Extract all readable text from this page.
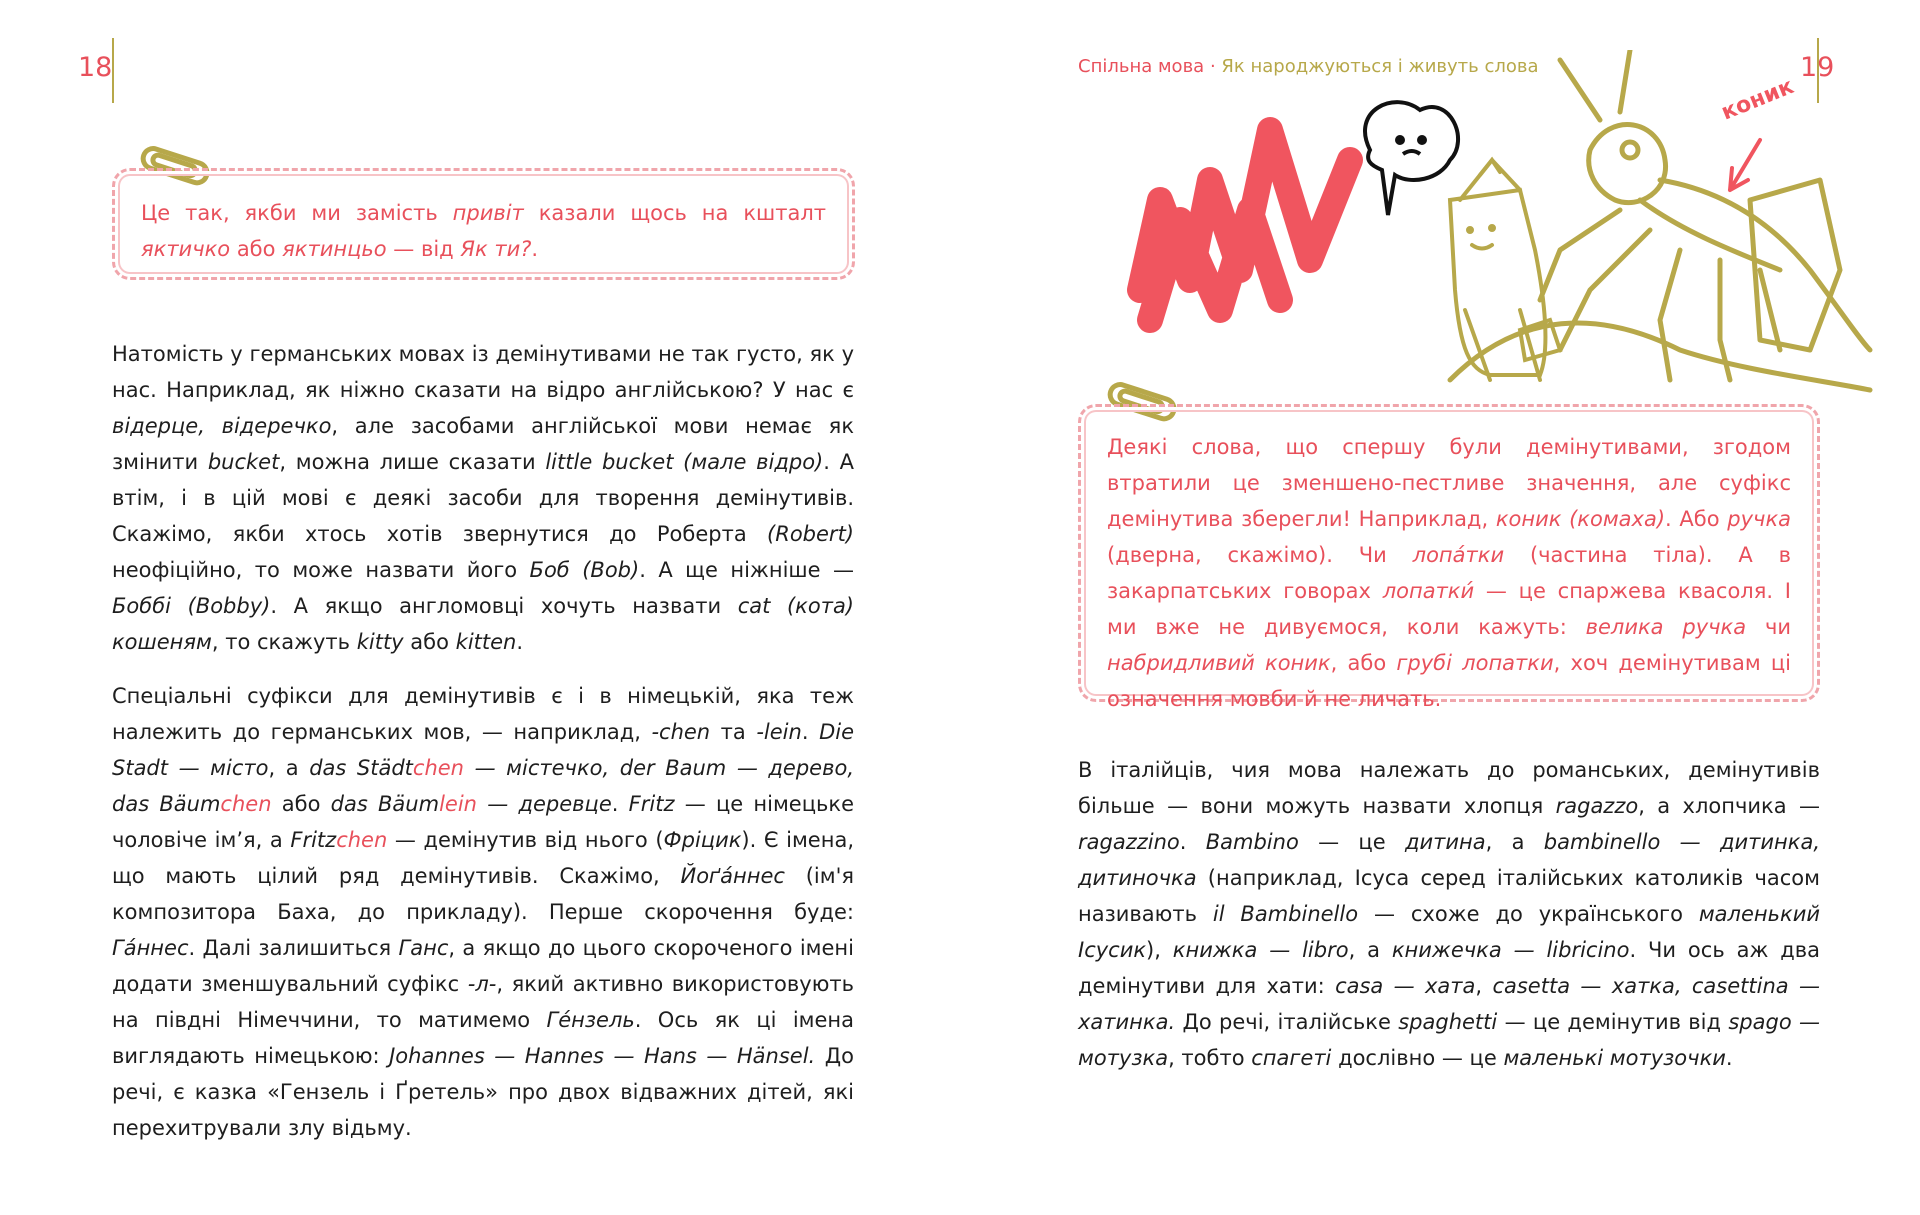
18	Спільна мова · Як народжуються і живуть слова	19

Це так, якби ми замість привіт казали щось на кшталт яктичко або яктинцьо — від Як ти?.

Натомість у германських мовах із демінутивами не так густо, як у нас. Наприклад, як ніжно сказати на відро англійською? У нас є відерце, відеречко, але засобами англійської мови немає як змінити bucket, можна лише сказати little bucket (мале відро). А втім, і в цій мові є деякі засоби для творення демінутивів. Скажімо, якби хтось хотів звернутися до Роберта (Robert) неофіційно, то може назвати його Боб (Bob). А ще ніжніше — Боббі (Bobby). А якщо англомовці хочуть назвати cat (кота) кошеням, то скажуть kitty або kitten.

Спеціальні суфікси для демінутивів є і в німецькій, яка теж належить до германських мов, — наприклад, -chen та -lein. Die Stadt — місто, a das Städtchen — містечко, der Baum — дерево, das Bäumchen або das Bäumlein — деревце. Fritz — це німецьке чоловіче ім’я, а Fritzchen — демінутив від нього (Фріцик). Є імена, що мають цілий ряд демінутивів. Скажімо, Йоґа́ннес (ім'я композитора Баха, до прикладу). Перше скорочення буде: Га́ннес. Далі залишиться Ганс, а якщо до цього скороченого імені додати зменшувальний суфікс -л-, який активно використовують на півдні Німеччини, то матимемо Ге́нзель. Ось як ці імена виглядають німецькою: Johannes — Hannes — Hans — Hänsel. До речі, є казка «Гензель і Ґретель» про двох відважних дітей, які перехитрували злу відьму.

коник

Деякі слова, що спершу були демінутивами, згодом втратили це зменшено-пестливе значення, але суфікс демінутива зберегли! Наприклад, коник (комаха). Або ручка (дверна, скажімо). Чи лопа́тки (частина тіла). А в закарпатських говорах лопатки́ — це спаржева квасоля. І ми вже не дивуємося, коли кажуть: велика ручка чи набридливий коник, або грубі лопатки, хоч демінутивам ці означення мовби й не личать.

В італійців, чия мова належать до романських, демінутивів більше — вони можуть назвати хлопця ragazzo, а хлопчика — ragazzino. Bambino — це дитина, а bambinello — дитинка, дитиночка (наприклад, Ісуса серед італійських католиків часом називають il Bambinello — схоже до українського маленький Ісусик), книжка — libro, а книжечка — libricino. Чи ось аж два демінутиви для хати: casa — хата, casetta — хатка, casettina — хатинка. До речі, італійське spaghetti — це демінутив від spago — мотузка, тобто спагеті дослівно — це маленькі мотузочки.
